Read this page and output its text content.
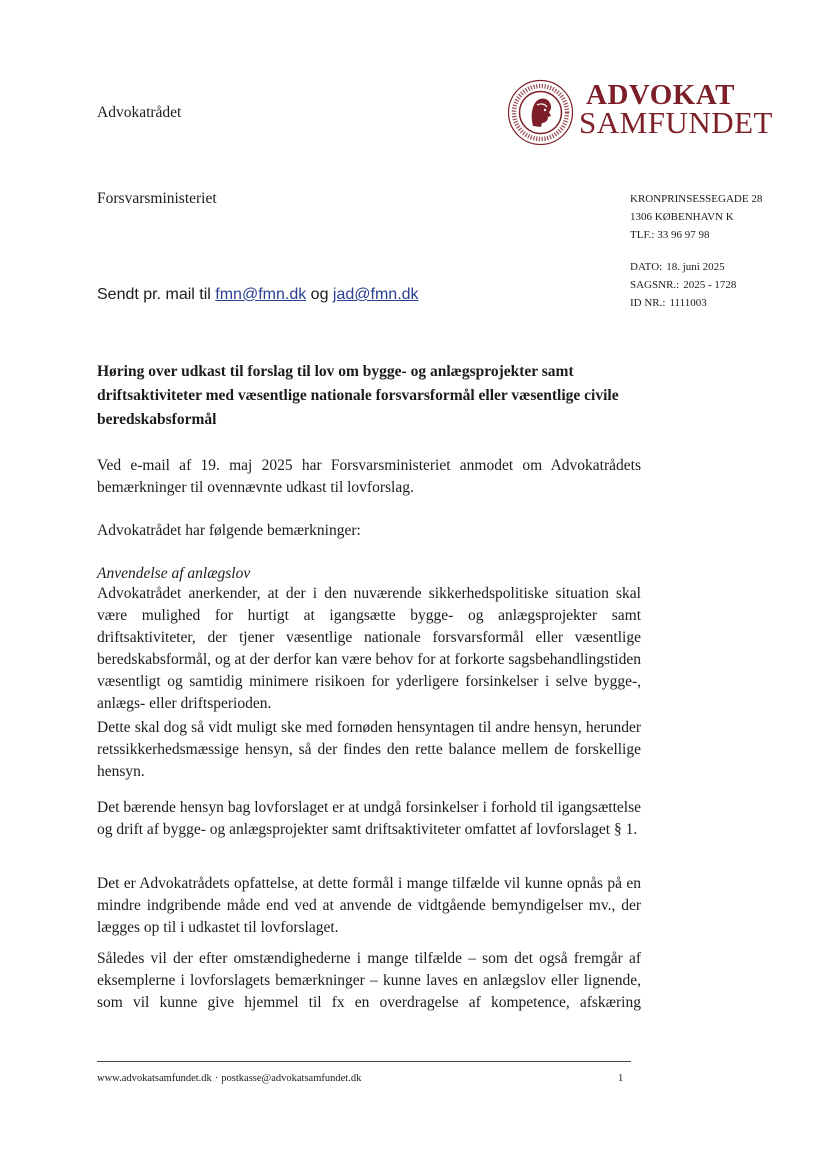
Advokatrådet
ADVOKAT
SAMFUNDET
Forsvarsministeriet	KRONPRINSESSEGADE 28
1306 KØBENHAVN K
TLF.: 33 96 97 98
DATO: 18. juni 2025
SAGSNR.: 2025 - 1728
ID NR.: 1111003
Sendt pr. mail til fmn@fmn.dk og jad@fmn.dk
Høring over udkast til forslag til lov om bygge- og anlægsprojekter samt driftsaktiviteter med væsentlige nationale forsvarsformål eller væsentlige civile beredskabsformål

Ved e-mail af 19. maj 2025 har Forsvarsministeriet anmodet om Advokatrådets bemærkninger til ovennævnte udkast til lovforslag.

Advokatrådet har følgende bemærkninger:

Anvendelse af anlægslov

Advokatrådet anerkender, at der i den nuværende sikkerhedspolitiske situation skal være mulighed for hurtigt at igangsætte bygge- og anlægsprojekter samt driftsaktiviteter, der tjener væsentlige nationale forsvarsformål eller væsentlige beredskabsformål, og at der derfor kan være behov for at forkorte sagsbehandlingstiden væsentligt og samtidig minimere risikoen for yderligere forsinkelser i selve bygge-, anlægs- eller driftsperioden.

Dette skal dog så vidt muligt ske med fornøden hensyntagen til andre hensyn, herunder retssikkerhedsmæssige hensyn, så der findes den rette balance mellem de forskellige hensyn.

Det bærende hensyn bag lovforslaget er at undgå forsinkelser i forhold til igangsættelse og drift af bygge- og anlægsprojekter samt driftsaktiviteter omfattet af lovforslaget § 1.

Det er Advokatrådets opfattelse, at dette formål i mange tilfælde vil kunne opnås på en mindre indgribende måde end ved at anvende de vidtgående bemyndigelser mv., der lægges op til i udkastet til lovforslaget.

Således vil der efter omstændighederne i mange tilfælde – som det også fremgår af eksemplerne i lovforslagets bemærkninger – kunne laves en anlægslov eller lignende, som vil kunne give hjemmel til fx en overdragelse af kompetence, afskæring

www.advokatsamfundet.dk · postkasse@advokatsamfundet.dk	1
